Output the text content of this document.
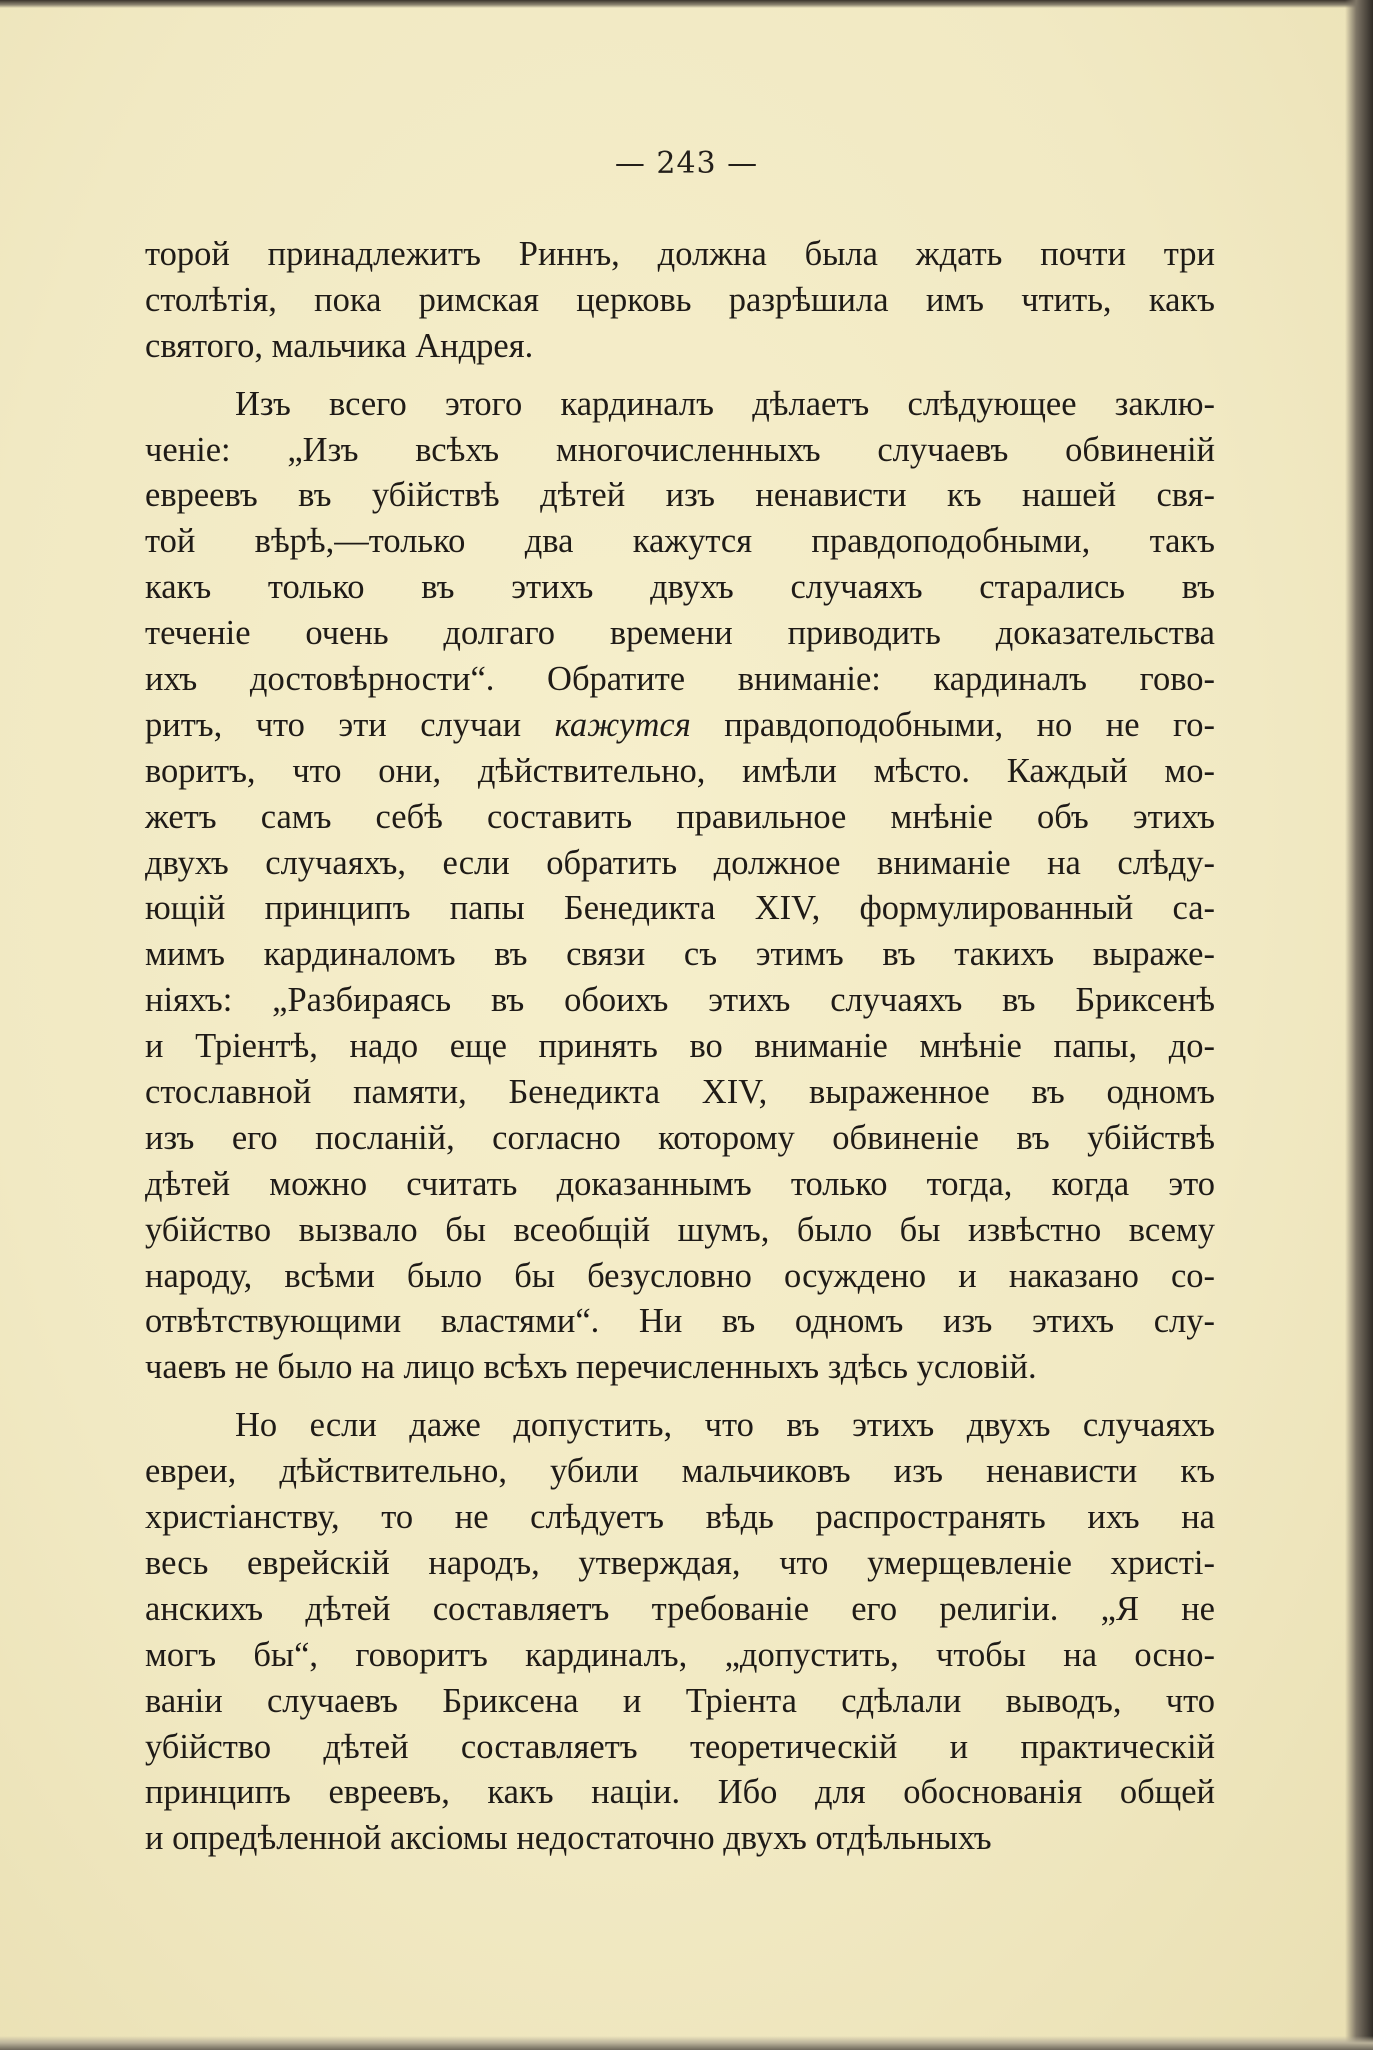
— 243 —
торой принадлежитъ Риннъ, должна была ждать почти три
столѣтія, пока римская церковь разрѣшила имъ чтить, какъ
святого, мальчика Андрея.
Изъ всего этого кардиналъ дѣлаетъ слѣдующее заклю-
ченіе: „Изъ всѣхъ многочисленныхъ случаевъ обвиненій
евреевъ въ убійствѣ дѣтей изъ ненависти къ нашей свя-
той вѣрѣ,—только два кажутся правдоподобными, такъ
какъ только въ этихъ двухъ случаяхъ старались въ
теченіе очень долгаго времени приводить доказательства
ихъ достовѣрности“. Обратите вниманіе: кардиналъ гово-
ритъ, что эти случаи кажутся правдоподобными, но не го-
воритъ, что они, дѣйствительно, имѣли мѣсто. Каждый мо-
жетъ самъ себѣ составить правильное мнѣніе объ этихъ
двухъ случаяхъ, если обратить должное вниманіе на слѣду-
ющій принципъ папы Бенедикта XIV, формулированный са-
мимъ кардиналомъ въ связи съ этимъ въ такихъ выраже-
ніяхъ: „Разбираясь въ обоихъ этихъ случаяхъ въ Бриксенѣ
и Тріентѣ, надо еще принять во вниманіе мнѣніе папы, до-
стославной памяти, Бенедикта XIV, выраженное въ одномъ
изъ его посланій, согласно которому обвиненіе въ убійствѣ
дѣтей можно считать доказаннымъ только тогда, когда это
убійство вызвало бы всеобщій шумъ, было бы извѣстно всему
народу, всѣми было бы безусловно осуждено и наказано со-
отвѣтствующими властями“. Ни въ одномъ изъ этихъ слу-
чаевъ не было на лицо всѣхъ перечисленныхъ здѣсь условій.
Но если даже допустить, что въ этихъ двухъ случаяхъ
евреи, дѣйствительно, убили мальчиковъ изъ ненависти къ
христіанству, то не слѣдуетъ вѣдь распространять ихъ на
весь еврейскій народъ, утверждая, что умерщевленіе христі-
анскихъ дѣтей составляетъ требованіе его религіи. „Я не
могъ бы“, говоритъ кардиналъ, „допустить, чтобы на осно-
ваніи случаевъ Бриксена и Тріента сдѣлали выводъ, что
убійство дѣтей составляетъ теоретическій и практическій
принципъ евреевъ, какъ націи. Ибо для обоснованія общей
и опредѣленной аксіомы недостаточно двухъ отдѣльныхъ
